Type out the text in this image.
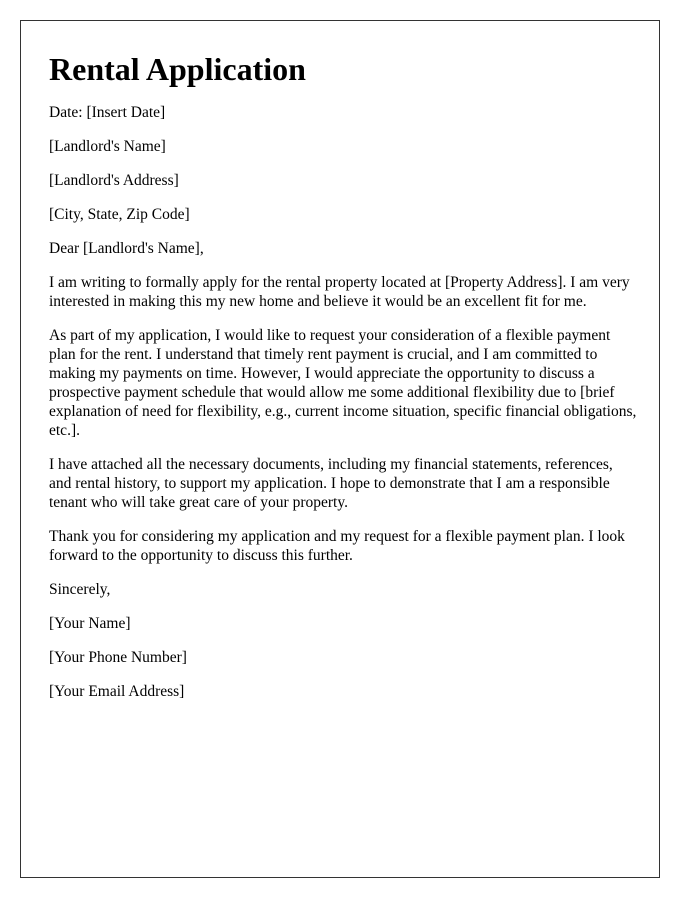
Rental Application

Date: [Insert Date]

[Landlord's Name]

[Landlord's Address]

[City, State, Zip Code]

Dear [Landlord's Name],

I am writing to formally apply for the rental property located at [Property Address]. I am very interested in making this my new home and believe it would be an excellent fit for me.

As part of my application, I would like to request your consideration of a flexible payment plan for the rent. I understand that timely rent payment is crucial, and I am committed to making my payments on time. However, I would appreciate the opportunity to discuss a prospective payment schedule that would allow me some additional flexibility due to [brief explanation of need for flexibility, e.g., current income situation, specific financial obligations, etc.].

I have attached all the necessary documents, including my financial statements, references, and rental history, to support my application. I hope to demonstrate that I am a responsible tenant who will take great care of your property.

Thank you for considering my application and my request for a flexible payment plan. I look forward to the opportunity to discuss this further.

Sincerely,

[Your Name]

[Your Phone Number]

[Your Email Address]
